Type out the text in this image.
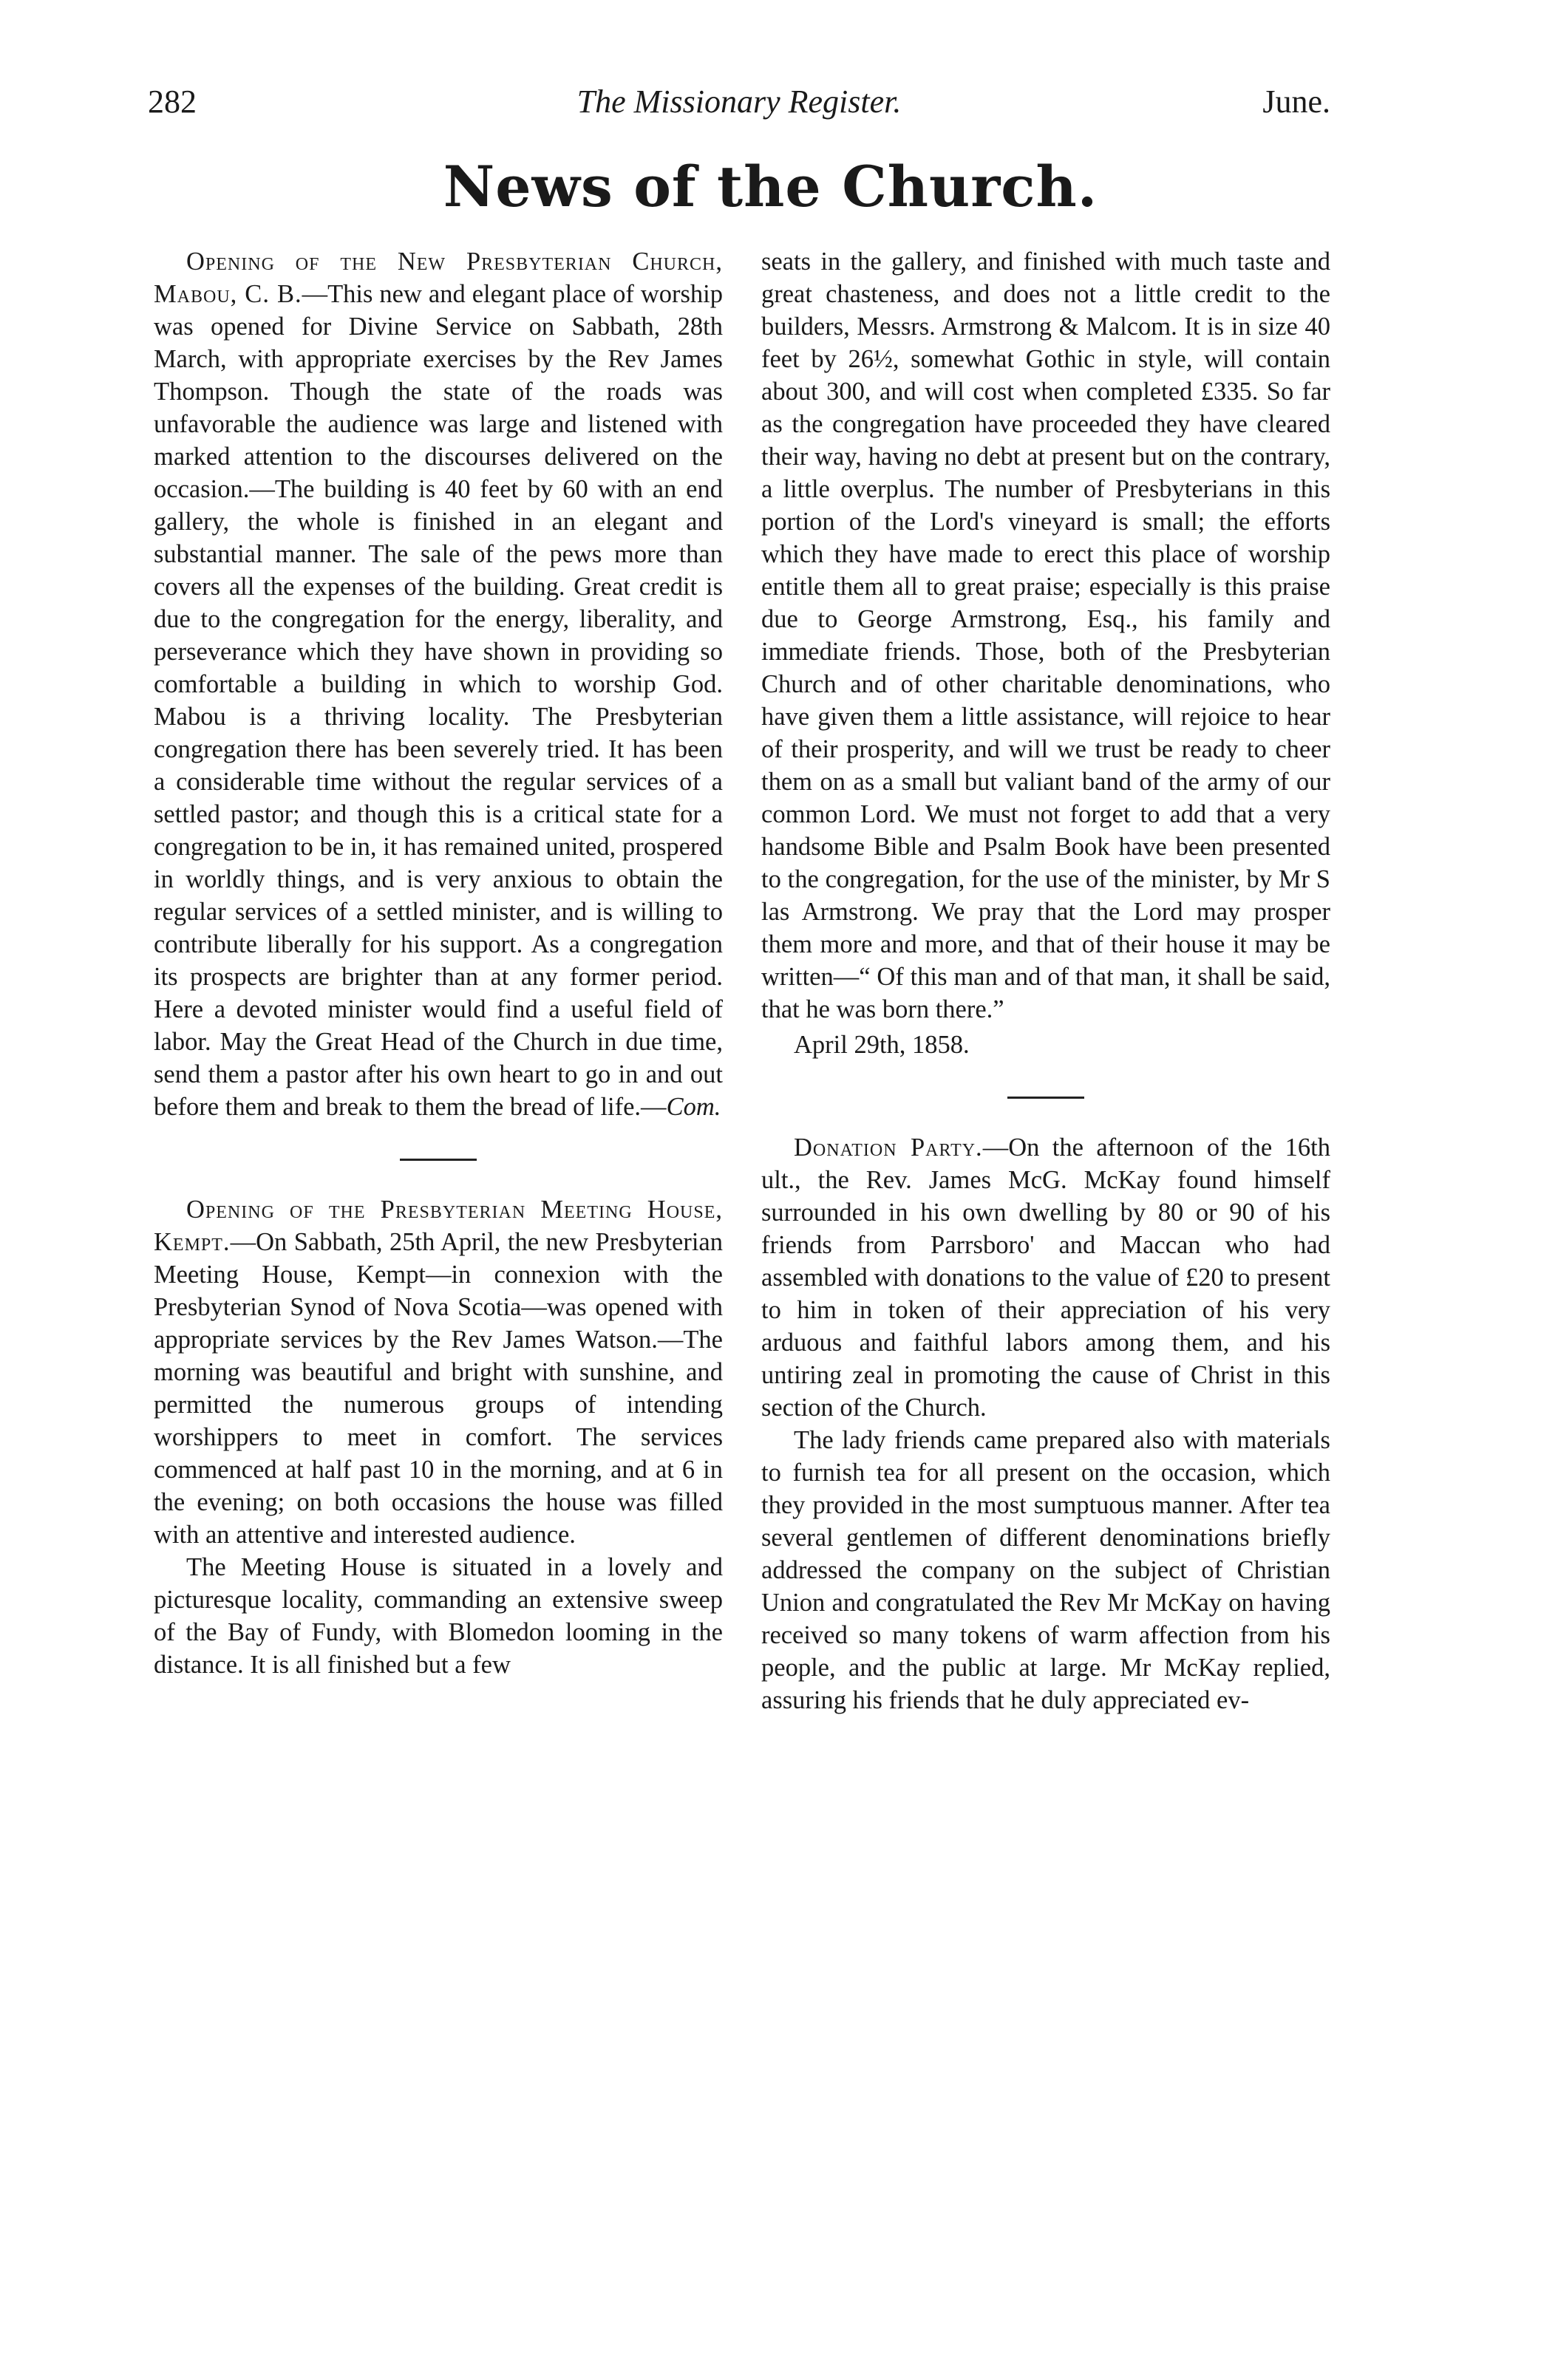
282	The Missionary Register.	June.
News of the Church.

Opening of the New Presbyterian Church, Mabou, C. B.—This new and elegant place of worship was opened for Divine Service on Sabbath, 28th March, with appropriate exercises by the Rev James Thompson. Though the state of the roads was unfavorable the audience was large and listened with marked attention to the discourses delivered on the occasion.—The building is 40 feet by 60 with an end gallery, the whole is finished in an elegant and substantial manner. The sale of the pews more than covers all the expenses of the building. Great credit is due to the congregation for the energy, liberality, and perseverance which they have shown in providing so comfortable a building in which to worship God. Mabou is a thriving locality. The Presbyterian congregation there has been severely tried. It has been a considerable time without the regular services of a settled pastor; and though this is a critical state for a congregation to be in, it has remained united, prospered in worldly things, and is very anxious to obtain the regular services of a settled minister, and is willing to contribute liberally for his support. As a congregation its prospects are brighter than at any former period. Here a devoted minister would find a useful field of labor. May the Great Head of the Church in due time, send them a pastor after his own heart to go in and out before them and break to them the bread of life.—Com.

Opening of the Presbyterian Meeting House, Kempt.—On Sabbath, 25th April, the new Presbyterian Meeting House, Kempt—in connexion with the Presbyterian Synod of Nova Scotia—was opened with appropriate services by the Rev James Watson.—The morning was beautiful and bright with sunshine, and permitted the numerous groups of intending worshippers to meet in comfort. The services commenced at half past 10 in the morning, and at 6 in the evening; on both occasions the house was filled with an attentive and interested audience.

The Meeting House is situated in a lovely and picturesque locality, commanding an extensive sweep of the Bay of Fundy, with Blomedon looming in the distance. It is all finished but a few

seats in the gallery, and finished with much taste and great chasteness, and does not a little credit to the builders, Messrs. Armstrong & Malcom. It is in size 40 feet by 26½, somewhat Gothic in style, will contain about 300, and will cost when completed £335. So far as the congregation have proceeded they have cleared their way, having no debt at present but on the contrary, a little overplus. The number of Presbyterians in this portion of the Lord's vineyard is small; the efforts which they have made to erect this place of worship entitle them all to great praise; especially is this praise due to George Armstrong, Esq., his family and immediate friends. Those, both of the Presbyterian Church and of other charitable denominations, who have given them a little assistance, will rejoice to hear of their prosperity, and will we trust be ready to cheer them on as a small but valiant band of the army of our common Lord. We must not forget to add that a very handsome Bible and Psalm Book have been presented to the congregation, for the use of the minister, by Mr S las Armstrong. We pray that the Lord may prosper them more and more, and that of their house it may be written—“ Of this man and of that man, it shall be said, that he was born there.”

April 29th, 1858.

Donation Party.—On the afternoon of the 16th ult., the Rev. James McG. McKay found himself surrounded in his own dwelling by 80 or 90 of his friends from Parrsboro' and Maccan who had assembled with donations to the value of £20 to present to him in token of their appreciation of his very arduous and faithful labors among them, and his untiring zeal in promoting the cause of Christ in this section of the Church.

The lady friends came prepared also with materials to furnish tea for all present on the occasion, which they provided in the most sumptuous manner. After tea several gentlemen of different denominations briefly addressed the company on the subject of Christian Union and congratulated the Rev Mr McKay on having received so many tokens of warm affection from his people, and the public at large. Mr McKay replied, assuring his friends that he duly appreciated ev-
